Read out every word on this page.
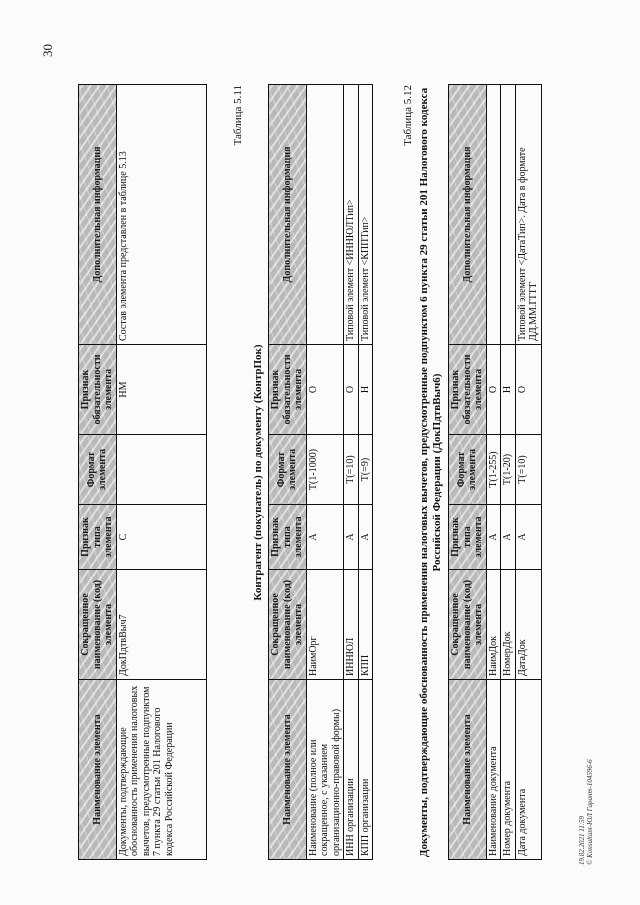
30
Наименование элемента	Сокращенное наименование (код) элемента	Признак типа элемента	Формат элемента	Признак обязательности элемента	Дополнительная информация
Документы, подтверждающие обоснованность применения налоговых вычетов, предусмотренные подпунктом 7 пункта 29 статьи 201 Налогового кодекса Российской Федерации	ДокПдтвВыч7	С		НМ	Состав элемента представлен в таблице 5.13
Таблица 5.11
Контрагент (покупатель) по документу (КонтрПок)
Наименование элемента	Сокращенное наименование (код) элемента	Признак типа элемента	Формат элемента	Признак обязательности элемента	Дополнительная информация
Наименование (полное или сокращенное, с указанием организационно-правовой формы)	НаимОрг	А	T(1-1000)	О	
ИНН организации	ИННЮЛ	А	T(=10)	О	Типовой элемент <ИННЮЛТип>
КПП организации	КПП	А	T(=9)	Н	Типовой элемент <КППТип>
Таблица 5.12 Документы, подтверждающие обоснованность применения налоговых вычетов, предусмотренные подпунктом 6 пункта 29 статьи 201 Налогового кодекса Российской Федерации (ДокПдтвВыч6)
Наименование элемента	Сокращенное наименование (код) элемента	Признак типа элемента	Формат элемента	Признак обязательности элемента	Дополнительная информация
Наименование документа	НаимДок	А	T(1-255)	О	
Номер документа	НомерДок	А	T(1-20)	Н	
Дата документа	ДатаДок	А	T(=10)	О	Типовой элемент <ДатаТип>. Дата в формате ДД.ММ.ГГГГ
19.02.2021 11:59 © Konsultant-ЮЛ Гарант-104596-6
